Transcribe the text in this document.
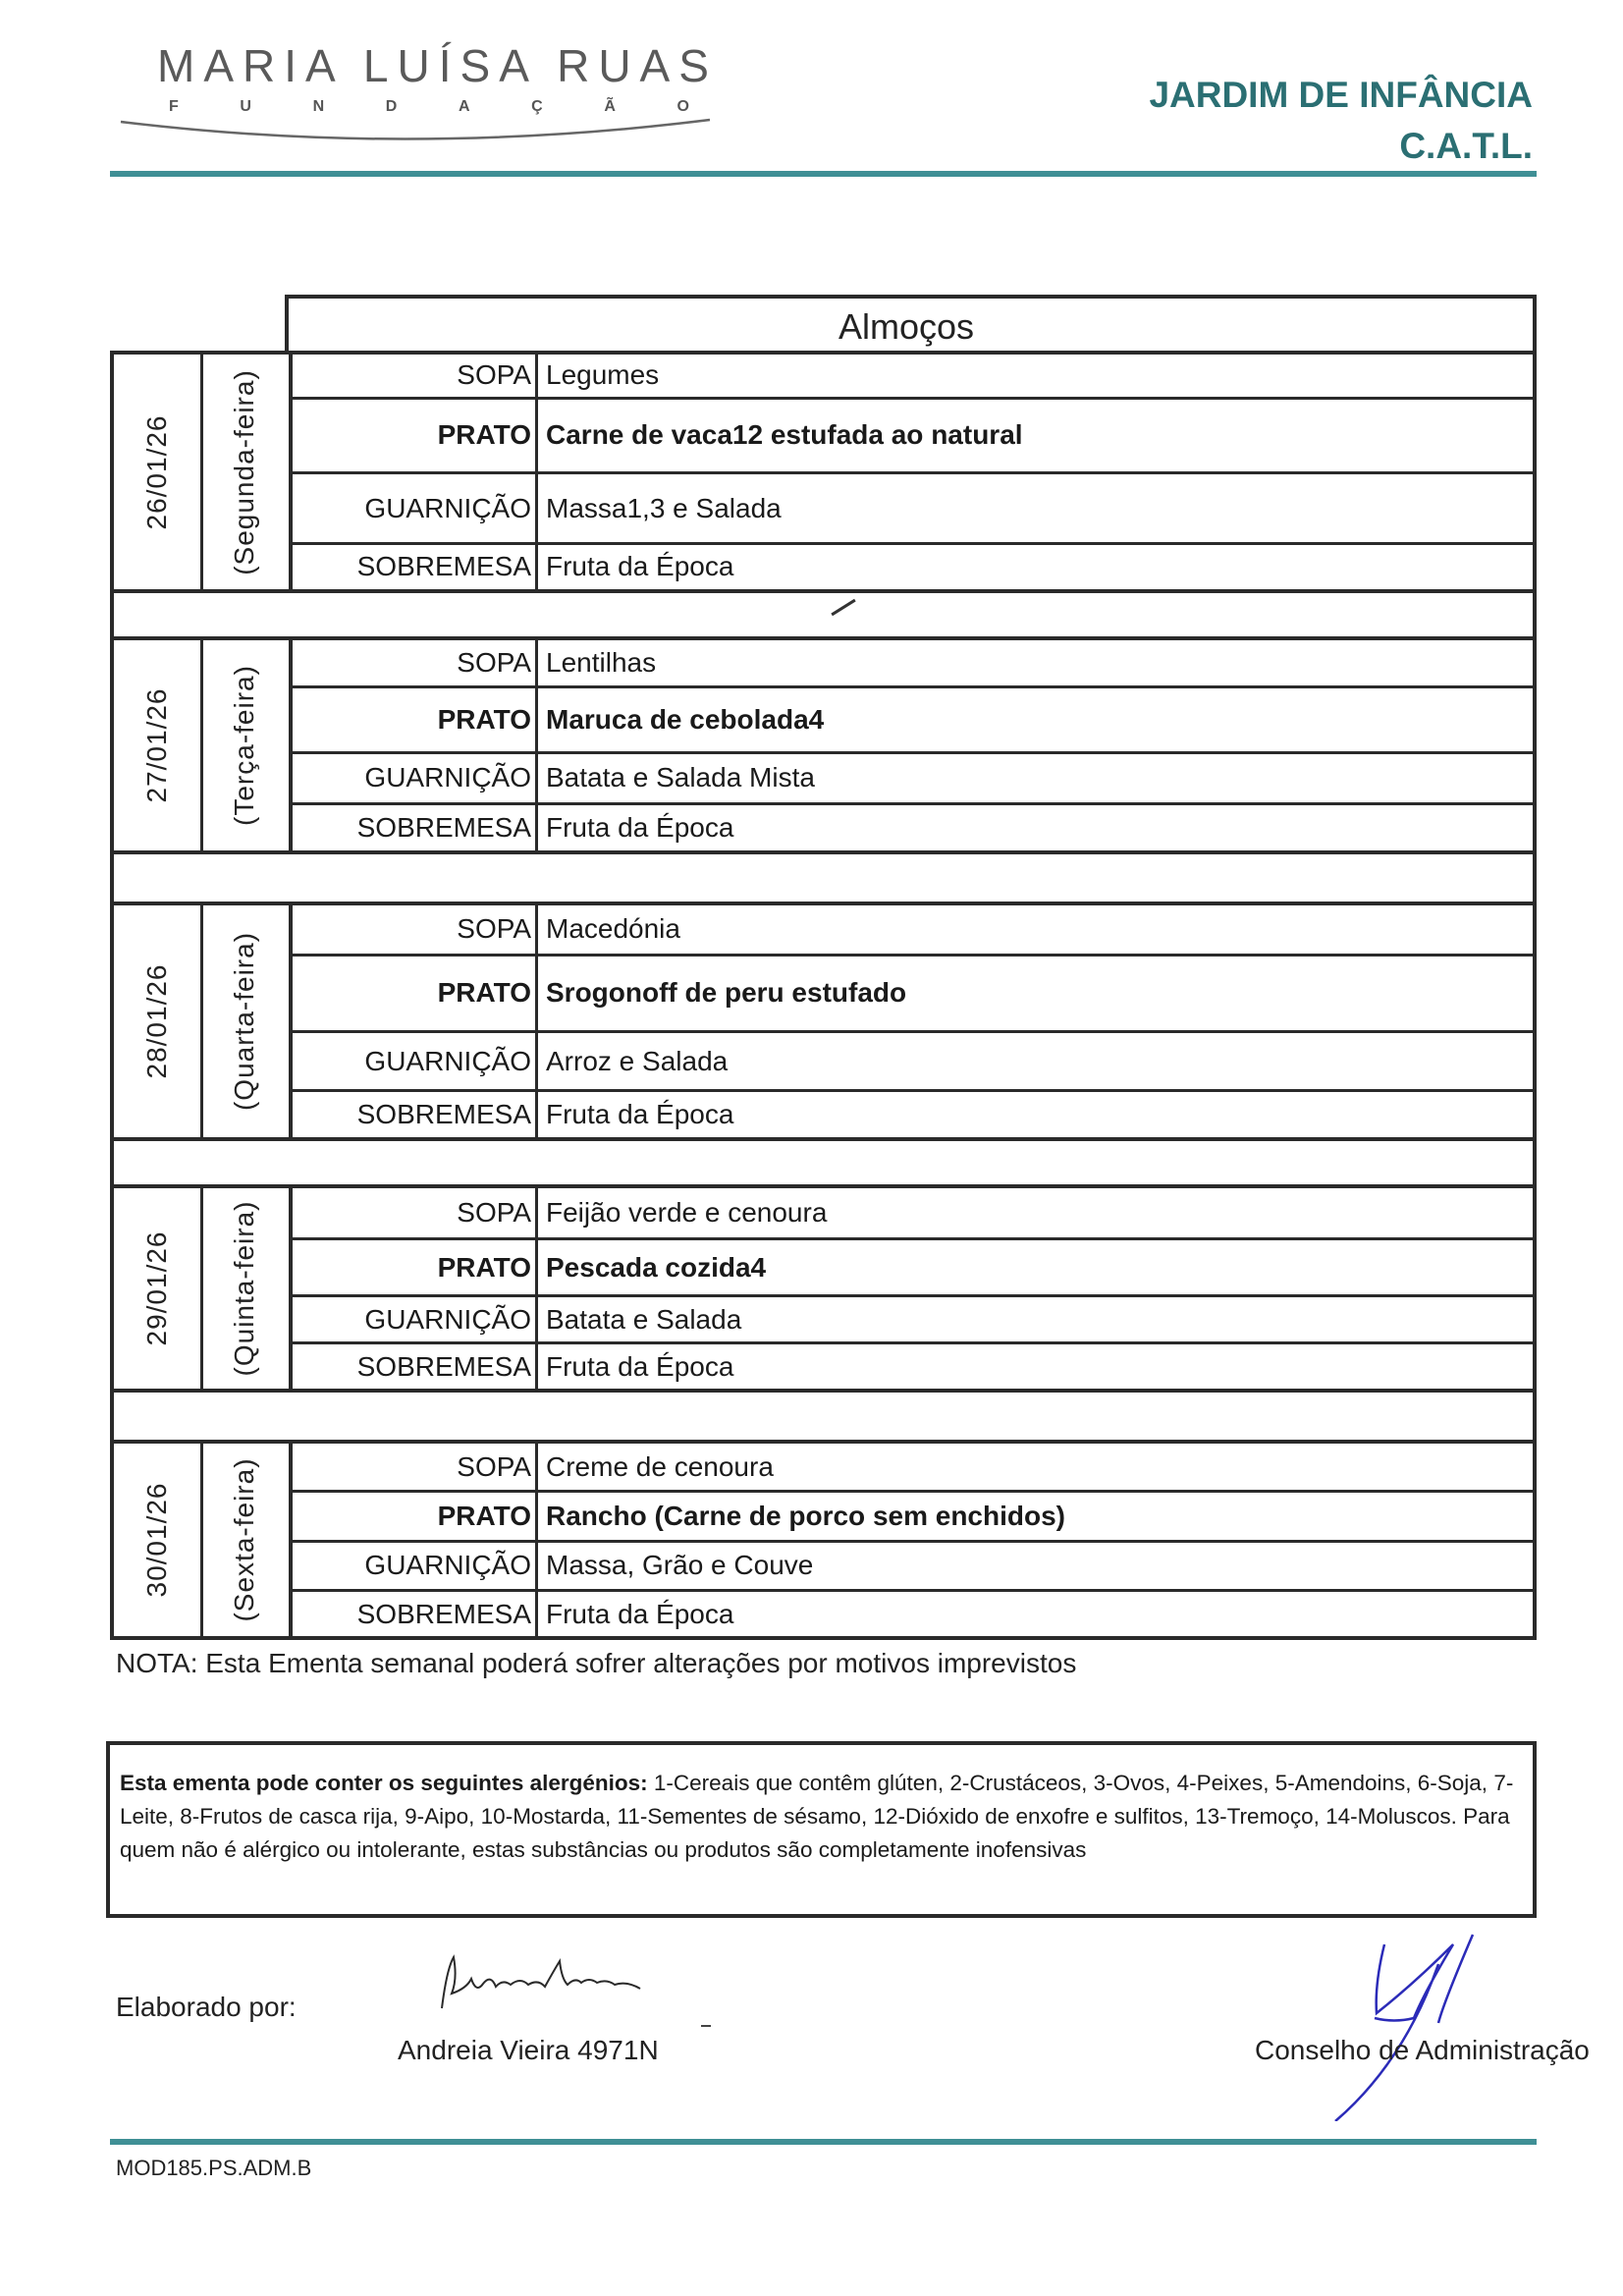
MARIA LUÍSA RUAS
F	U	N	D	A	Ç	Ã	O	JARDIM DE INFÂNCIA
C.A.T.L.
Almoços
26/01/26 (Segunda-feira)	SOPA Legumes
PRATO Carne de vaca12 estufada ao natural
GUARNIÇÃO Massa1,3 e Salada
SOBREMESA Fruta da Época
27/01/26 (Terça-feira)
SOPA Lentilhas
PRATO Maruca de cebolada4
GUARNIÇÃO Batata e Salada Mista
SOBREMESA Fruta da Época
28/01/26 (Quarta-feira)
SOPA Macedónia
PRATO Srogonoff de peru estufado
GUARNIÇÃO Arroz e Salada
SOBREMESA Fruta da Época
29/01/26 (Quinta-feira)	SOPA Feijão verde e cenoura
PRATO Pescada cozida4
GUARNIÇÃO Batata e Salada
SOBREMESA Fruta da Época
30/01/26 (Sexta-feira)	SOPA Creme de cenoura
PRATO Rancho (Carne de porco sem enchidos)
GUARNIÇÃO Massa, Grão e Couve
SOBREMESA Fruta da Época
NOTA: Esta Ementa semanal poderá sofrer alterações por motivos imprevistos

Esta ementa pode conter os seguintes alergénios: 1-Cereais que contêm glúten, 2-Crustáceos, 3-Ovos, 4-Peixes, 5-Amendoins, 6-Soja, 7-Leite, 8-Frutos de casca rija, 9-Aipo, 10-Mostarda, 11-Sementes de sésamo, 12-Dióxido de enxofre e sulfitos, 13-Tremoço, 14-Moluscos. Para quem não é alérgico ou intolerante, estas substâncias ou produtos são completamente inofensivas

Elaborado por:
Andreia Vieira 4971N	Conselho de Administração
MOD185.PS.ADM.B
